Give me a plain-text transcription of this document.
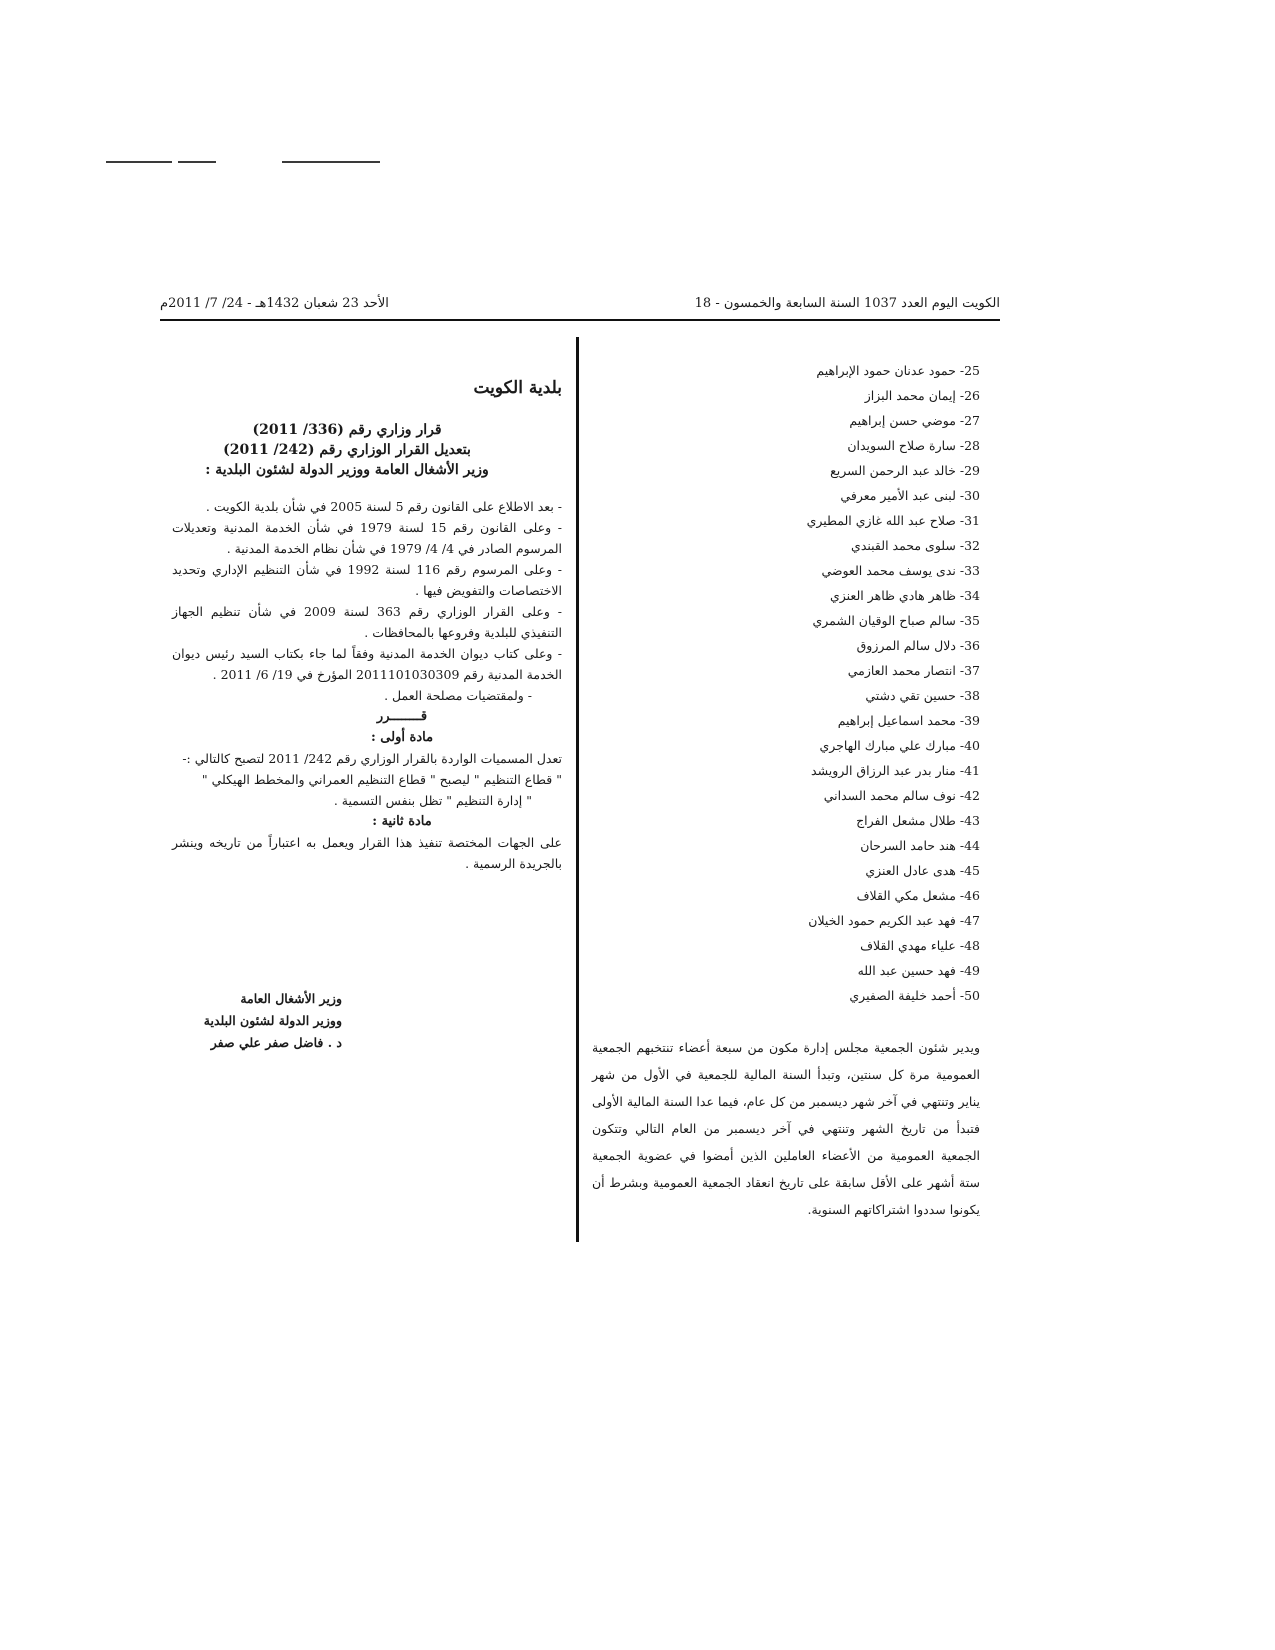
الكويت اليوم العدد 1037 السنة السابعة والخمسون - 18
الأحد 23 شعبان 1432هـ - 24/ 7/ 2011م
25- حمود عدنان حمود الإبراهيم
26- إيمان محمد البزاز
27- موضي حسن إبراهيم
28- سارة صلاح السويدان
29- خالد عبد الرحمن السريع
30- لبنى عبد الأمير معرفي
31- صلاح عبد الله غازي المطيري
32- سلوى محمد القبندي
33- ندى يوسف محمد العوضي
34- ظاهر هادي ظاهر العنزي
35- سالم صباح الوقيان الشمري
36- دلال سالم المرزوق
37- انتصار محمد العازمي
38- حسين تقي دشتي
39- محمد اسماعيل إبراهيم
40- مبارك علي مبارك الهاجري
41- منار بدر عبد الرزاق الرويشد
42- نوف سالم محمد السداني
43- طلال مشعل الفراج
44- هند حامد السرحان
45- هدى عادل العنزي
46- مشعل مكي القلاف
47- فهد عبد الكريم حمود الخيلان
48- علياء مهدي القلاف
49- فهد حسين عبد الله
50- أحمد خليفة الصفيري
ويدير شئون الجمعية مجلس إدارة مكون من سبعة أعضاء تنتخبهم الجمعية العمومية مرة كل سنتين، وتبدأ السنة المالية للجمعية في الأول من شهر يناير وتنتهي في آخر شهر ديسمبر من كل عام، فيما عدا السنة المالية الأولى فتبدأ من تاريخ الشهر وتنتهي في آخر ديسمبر من العام التالي وتتكون الجمعية العمومية من الأعضاء العاملين الذين أمضوا في عضوية الجمعية ستة أشهر على الأقل سابقة على تاريخ انعقاد الجمعية العمومية وبشرط أن يكونوا سددوا اشتراكاتهم السنوية.
بلدية الكويت
قرار وزاري رقم (336/ 2011)
بتعديل القرار الوزاري رقم (242/ 2011)
وزير الأشغال العامة ووزير الدولة لشئون البلدية :
- بعد الاطلاع على القانون رقم 5 لسنة 2005 في شأن بلدية الكويت .
- وعلى القانون رقم 15 لسنة 1979 في شأن الخدمة المدنية وتعديلات المرسوم الصادر في 4/ 4/ 1979 في شأن نظام الخدمة المدنية .
- وعلى المرسوم رقم 116 لسنة 1992 في شأن التنظيم الإداري وتحديد الاختصاصات والتفويض فيها .
- وعلى القرار الوزاري رقم 363 لسنة 2009 في شأن تنظيم الجهاز التنفيذي للبلدية وفروعها بالمحافظات .
- وعلى كتاب ديوان الخدمة المدنية وفقاً لما جاء بكتاب السيد رئيس ديوان الخدمة المدنية رقم 2011101030309 المؤرخ في 19/ 6/ 2011 .
- ولمقتضيات مصلحة العمل .
قــــــــرر
مادة أولى :
تعدل المسميات الواردة بالقرار الوزاري رقم 242/ 2011 لتصبح كالتالي :-
" قطاع التنظيم " ليصبح " قطاع التنظيم العمراني والمخطط الهيكلي "
" إدارة التنظيم " تظل بنفس التسمية .
مادة ثانية :
على الجهات المختصة تنفيذ هذا القرار ويعمل به اعتباراً من تاريخه وينشر بالجريدة الرسمية .
وزير الأشغال العامة
ووزير الدولة لشئون البلدية
د . فاضل صفر علي صفر
